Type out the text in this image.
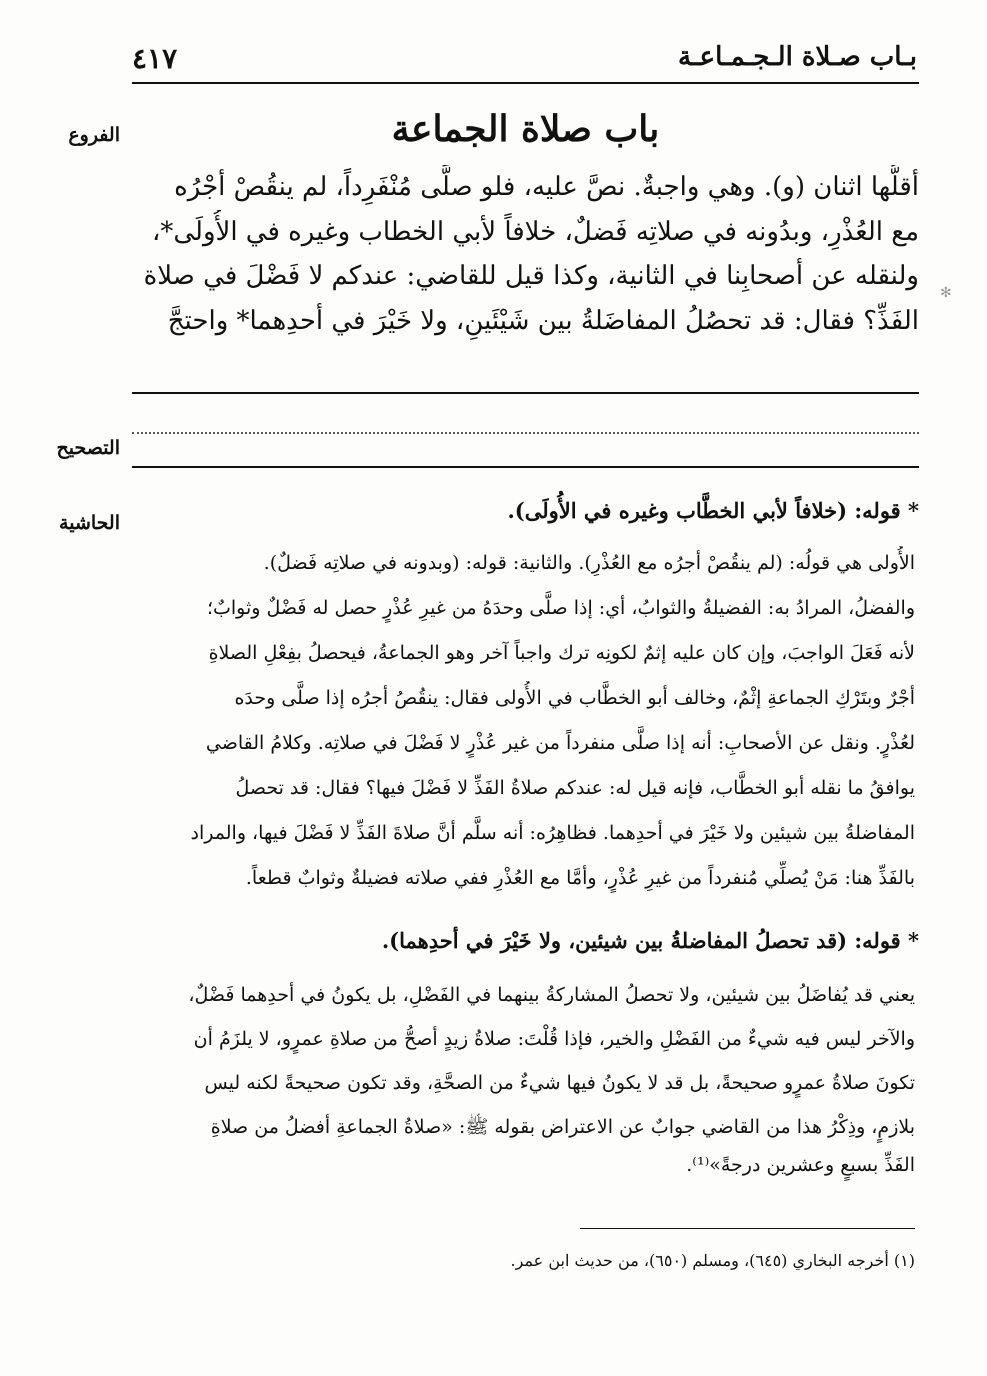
بـاب صـلاة الـجـمـاعـة
٤١٧
باب صلاة الجماعة
الفروع
التصحيح
الحاشية
أقلُّها اثنان (و). وهي واجبةٌ. نصَّ عليه، فلو صلَّى مُنْفَرِداً، لم ينقُصْ أجْرُه
مع العُذْرِ، وبدُونه في صلاتِه فَضلٌ، خلافاً لأبي الخطاب وغيره في الأُولَى*،
ولنقله عن أصحابِنا في الثانية، وكذا قيل للقاضي: عندكم لا فَضْلَ في صلاة
الفَذِّ؟ فقال: قد تحصُلُ المفاضَلةُ بين شَيْئَينِ، ولا خَيْرَ في أحدِهما* واحتجَّ
* قوله: (خلافاً لأبي الخطَّاب وغيره في الأُولَى).
الأُولى هي قولُه: (لم ينقُصْ أجرُه مع العُذْرِ). والثانية: قوله: (وبدونه في صلاتِه فَضلٌ).
والفضلُ، المرادُ به: الفضيلةُ والثوابُ، أي: إذا صلَّى وحدَهُ من غيرِ عُذْرٍ حصل له فَضْلٌ وثوابٌ؛
لأنه فَعَلَ الواجبَ، وإن كان عليه إثمٌ لكونِه ترك واجباً آخر وهو الجماعةُ، فيحصلُ بفِعْلِ الصلاةِ
أجْرٌ وبتَرْكِ الجماعةِ إثْمٌ، وخالف أبو الخطَّاب في الأُولى فقال: ينقُصُ أجرُه إذا صلَّى وحدَه
لعُذْرٍ. ونقل عن الأصحابِ: أنه إذا صلَّى منفرداً من غير عُذْرٍ لا فَضْلَ في صلاتِه. وكلامُ القاضي
يوافقُ ما نقله أبو الخطَّاب، فإنه قيل له: عندكم صلاةُ الفَذِّ لا فَضْلَ فيها؟ فقال: قد تحصلُ
المفاضلةُ بين شيئين ولا خَيْرَ في أحدِهما. فظاهِرُه: أنه سلَّم أنَّ صلاةَ الفَذِّ لا فَضْلَ فيها، والمراد
بالفَذِّ هنا: مَنْ يُصلِّي مُنفرداً من غيرِ عُذْرٍ، وأمَّا مع العُذْرِ ففي صلاته فضيلةٌ وثوابٌ قطعاً.
* قوله: (قد تحصلُ المفاضلةُ بين شيئين، ولا خَيْرَ في أحدِهما).
يعني قد يُفاضَلُ بين شيئين، ولا تحصلُ المشاركةُ بينهما في الفَضْلِ، بل يكونُ في أحدِهما فَضْلٌ،
والآخر ليس فيه شيءٌ من الفَضْلِ والخير، فإذا قُلْتَ: صلاةُ زيدٍ أصحُّ من صلاةِ عمرٍو، لا يلزَمُ أن
تكونَ صلاةُ عمرٍو صحيحةً، بل قد لا يكونُ فيها شيءٌ من الصحَّةِ، وقد تكون صحيحةً لكنه ليس
بلازمٍ، وذِكْرُ هذا من القاضي جوابٌ عن الاعتراض بقوله ﷺ: «صلاةُ الجماعةِ أفضلُ من صلاةِ
الفَذِّ بسبعٍ وعشرين درجةً»⁽¹⁾.
(١) أخرجه البخاري (٦٤٥)، ومسلم (٦٥٠)، من حديث ابن عمر.
✻
